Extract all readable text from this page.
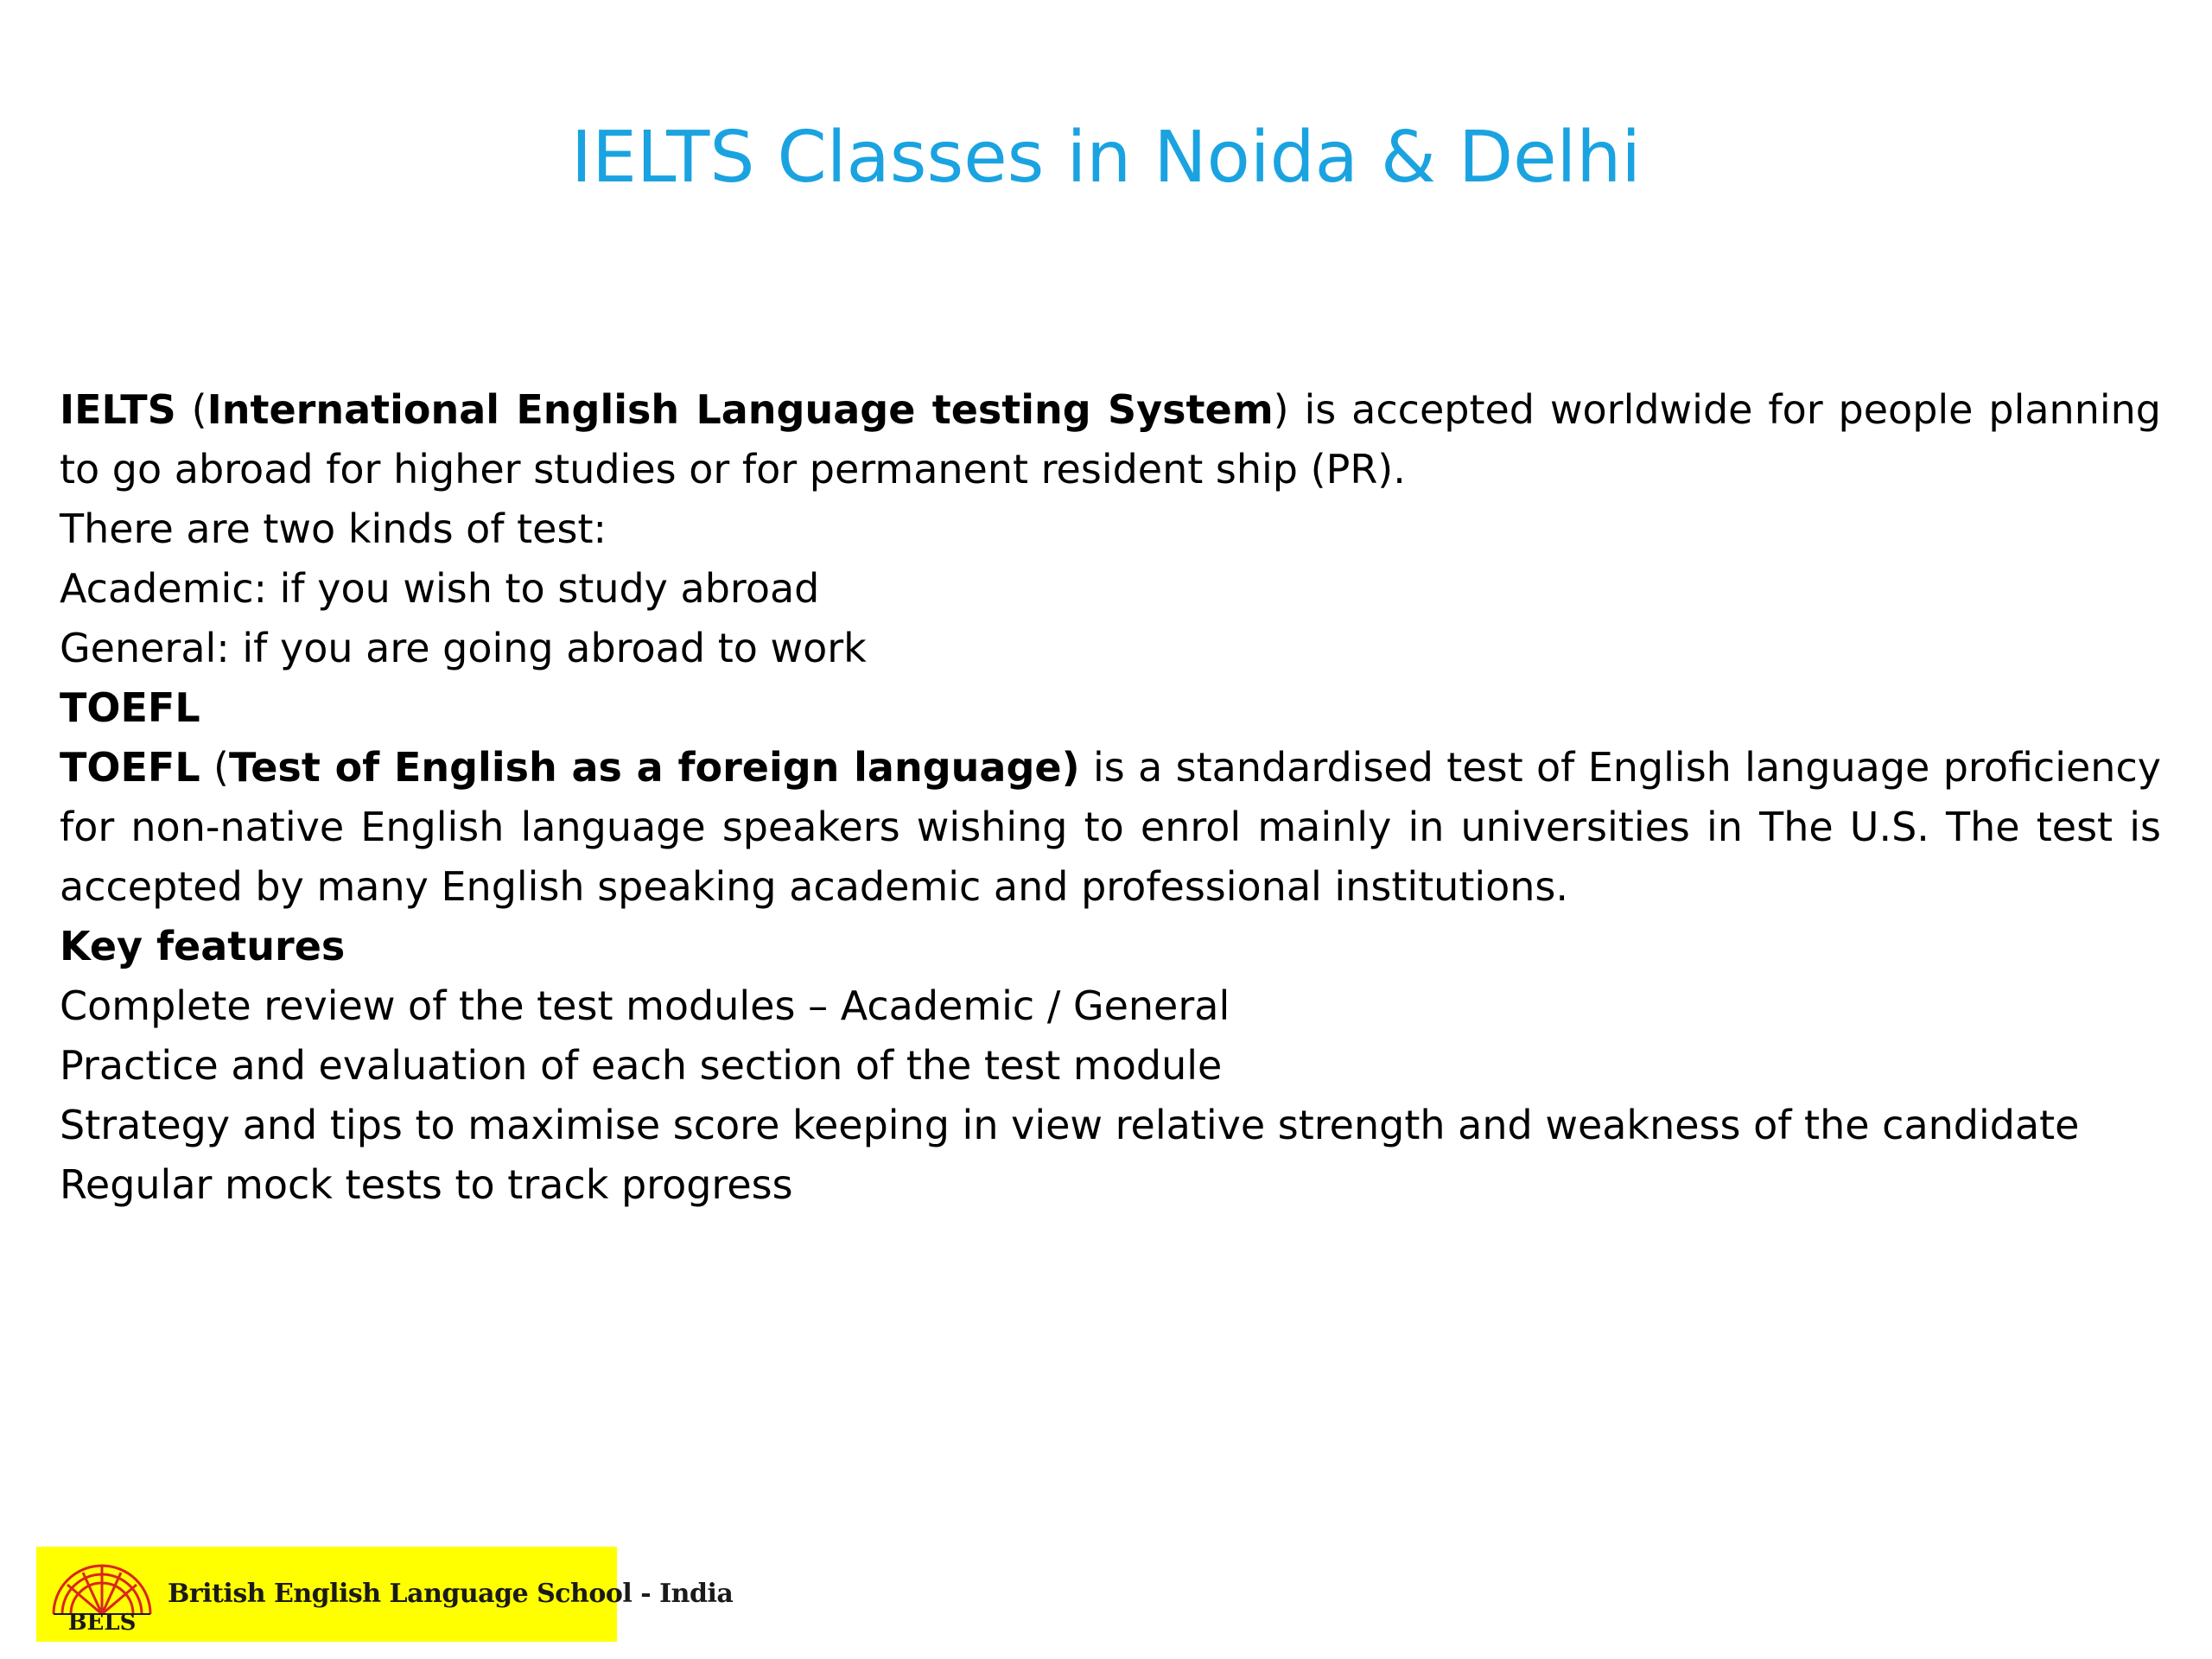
IELTS Classes in Noida & Delhi
IELTS (International English Language testing System) is accepted worldwide for people planning to go abroad for higher studies or for permanent resident ship (PR).
There are two kinds of test:
Academic: if you wish to study abroad
General: if you are going abroad to work
TOEFL
TOEFL (Test of English as a foreign language) is a standardised test of English language proficiency for non-native English language speakers wishing to enrol mainly in universities in The U.S. The test is accepted by many English speaking academic and professional institutions.
Key features
Complete review of the test modules – Academic / General
Practice and evaluation of each section of the test module
Strategy and tips to maximise score keeping in view relative strength and weakness of the candidate
Regular mock tests to track progress
BELS
British English Language School - India
